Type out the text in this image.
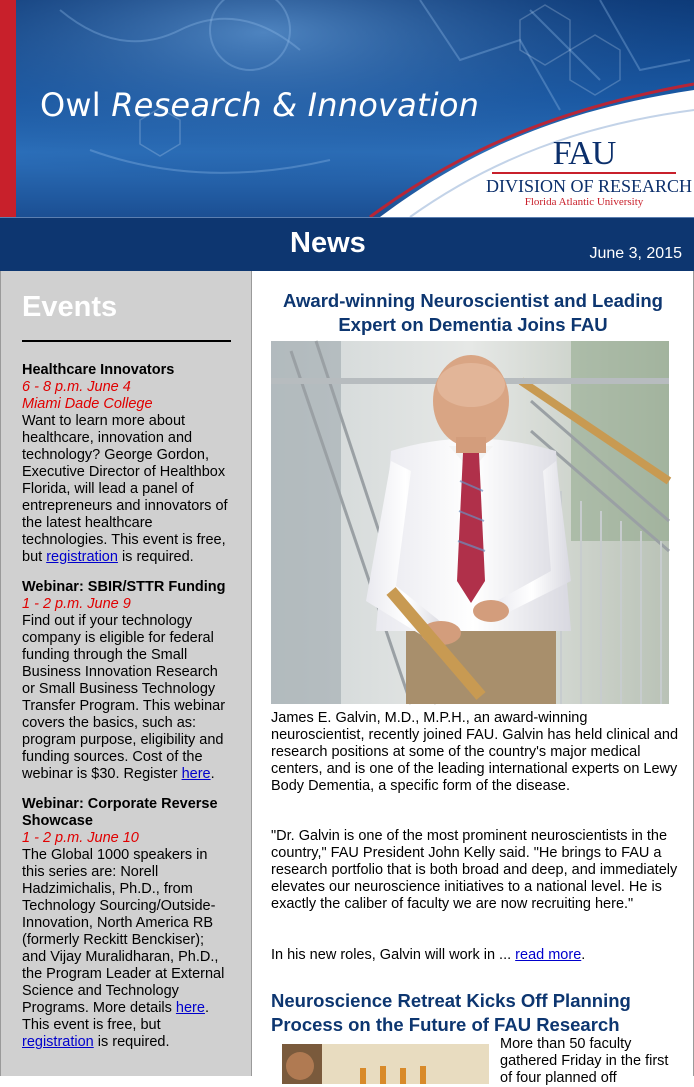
Owl Research & Innovation
FAU
DIVISION OF RESEARCH
Florida Atlantic University
News	June 3, 2015
Events
Healthcare Innovators
6 - 8 p.m. June 4
Miami Dade College
Want to learn more about healthcare, innovation and technology? George Gordon, Executive Director of Healthbox Florida, will lead a panel of entrepreneurs and innovators of the latest healthcare technologies. This event is free, but registration is required.
Webinar: SBIR/STTR Funding
1 - 2 p.m. June 9
Find out if your technology company is eligible for federal funding through the Small Business Innovation Research or Small Business Technology Transfer Program. This webinar covers the basics, such as: program purpose, eligibility and funding sources. Cost of the webinar is $30. Register here.
Webinar: Corporate Reverse Showcase
1 - 2 p.m. June 10
The Global 1000 speakers in this series are: Norell Hadzimichalis, Ph.D., from Technology Sourcing/Outside-Innovation, North America RB (formerly Reckitt Benckiser); and Vijay Muralidharan, Ph.D., the Program Leader at External Science and Technology Programs. More details here. This event is free, but registration is required.
Award-winning Neuroscientist and Leading Expert on Dementia Joins FAU
James E. Galvin, M.D., M.P.H., an award-winning neuroscientist, recently joined FAU. Galvin has held clinical and research positions at some of the country's major medical centers, and is one of the leading international experts on Lewy Body Dementia, a specific form of the disease.
"Dr. Galvin is one of the most prominent neuroscientists in the country," FAU President John Kelly said. "He brings to FAU a research portfolio that is both broad and deep, and immediately elevates our neuroscience initiatives to a national level. He is exactly the caliber of faculty we are now recruiting here."
In his new roles, Galvin will work in ... read more.
Neuroscience Retreat Kicks Off Planning Process on the Future of FAU Research
More than 50 faculty gathered Friday in the first of four planned off
